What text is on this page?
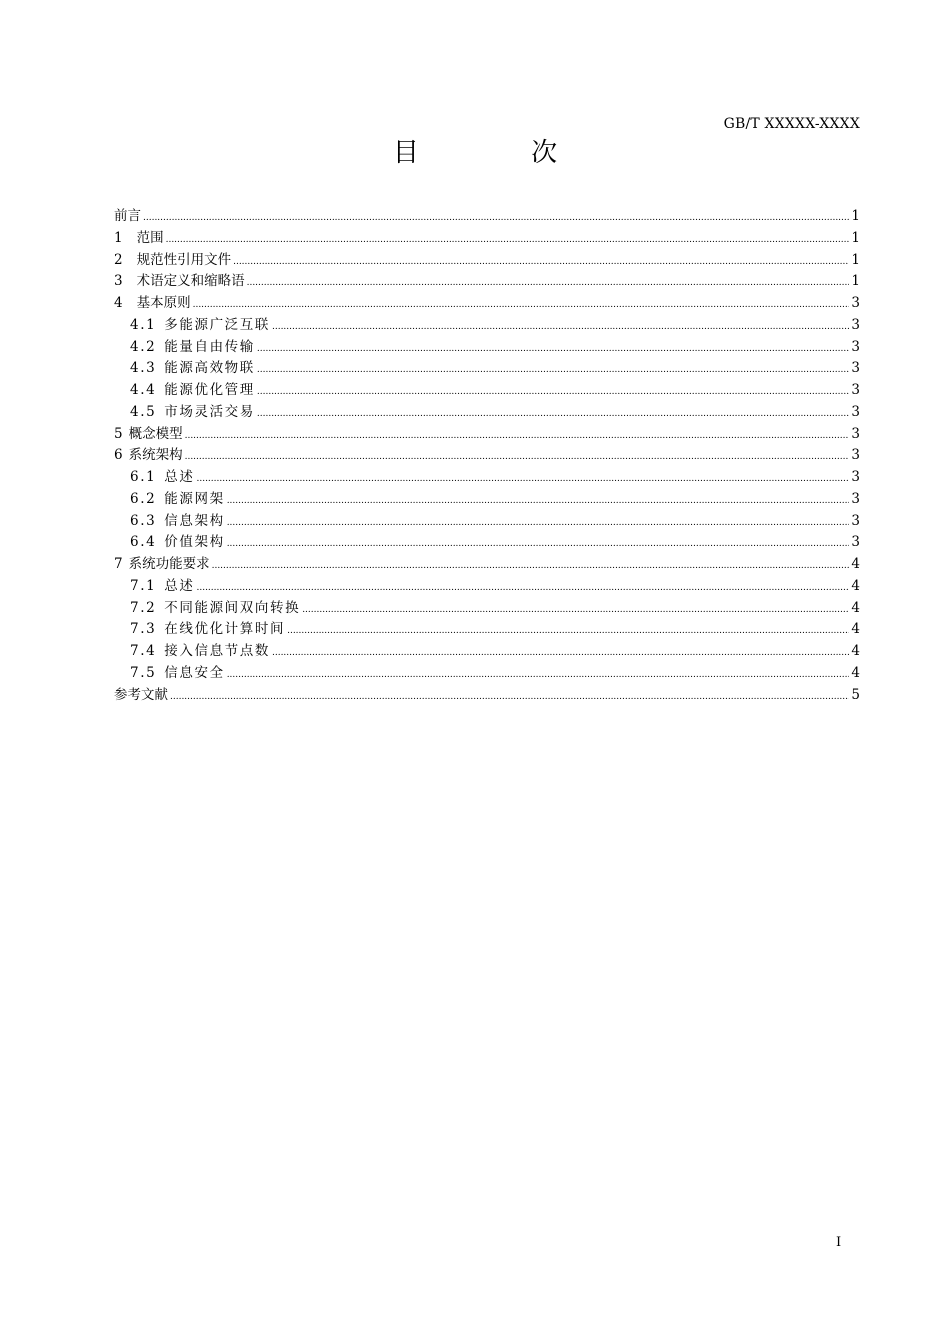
GB/T XXXXX-XXXX
目 次
前言 .....	1
1 范围 .....	1
2 规范性引用文件 .....	1
3 术语定义和缩略语 .....	1
4 基本原则 .....	3
4.1 多能源广泛互联 .....	3
4.2 能量自由传输 .....	3
4.3 能源高效物联 .....	3
4.4 能源优化管理 .....	3
4.5 市场灵活交易 .....	3
5 概念模型 .....	3
6 系统架构 .....	3
6.1 总述 .....	3
6.2 能源网架 .....	3
6.3 信息架构 .....	3
6.4 价值架构 .....	3
7 系统功能要求 .....	4
7.1 总述 .....	4
7.2 不同能源间双向转换 .....	4
7.3 在线优化计算时间 .....	4
7.4 接入信息节点数 .....	4
7.5 信息安全 .....	4
参考文献 .....	5
I
